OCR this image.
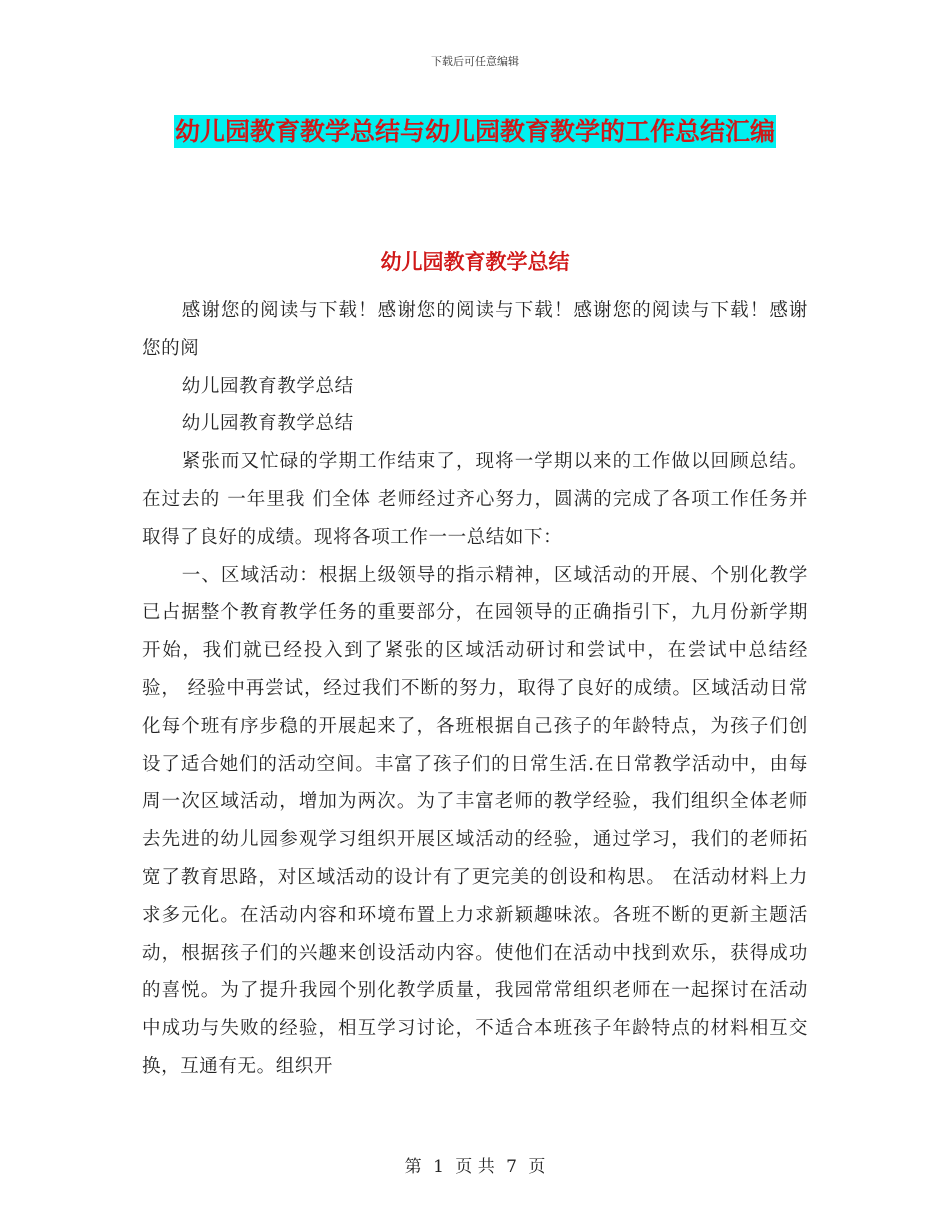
下载后可任意编辑
幼儿园教育教学总结与幼儿园教育教学的工作总结汇编
幼儿园教育教学总结

感谢您的阅读与下载！感谢您的阅读与下载！感谢您的阅读与下载！感谢您的阅

幼儿园教育教学总结

幼儿园教育教学总结

紧张而又忙碌的学期工作结束了，现将一学期以来的工作做以回顾总结。 在过去的 一年里我 们全体 老师经过齐心努力，圆满的完成了各项工作任务并取得了良好的成绩。现将各项工作一一总结如下：

一、区域活动：根据上级领导的指示精神，区域活动的开展、个别化教学已占据整个教育教学任务的重要部分，在园领导的正确指引下，九月份新学期开始，我们就已经投入到了紧张的区域活动研讨和尝试中，在尝试中总结经验， 经验中再尝试，经过我们不断的努力，取得了良好的成绩。区域活动日常化每个班有序步稳的开展起来了，各班根据自己孩子的年龄特点，为孩子们创设了适合她们的活动空间。丰富了孩子们的日常生活.在日常教学活动中，由每周一次区域活动，增加为两次。为了丰富老师的教学经验，我们组织全体老师去先进的幼儿园参观学习组织开展区域活动的经验，通过学习，我们的老师拓宽了教育思路，对区域活动的设计有了更完美的创设和构思。 在活动材料上力求多元化。在活动内容和环境布置上力求新颖趣味浓。各班不断的更新主题活动，根据孩子们的兴趣来创设活动内容。使他们在活动中找到欢乐，获得成功的喜悦。为了提升我园个别化教学质量，我园常常组织老师在一起探讨在活动中成功与失败的经验，相互学习讨论，不适合本班孩子年龄特点的材料相互交换，互通有无。组织开

第 1 页 共 7 页
